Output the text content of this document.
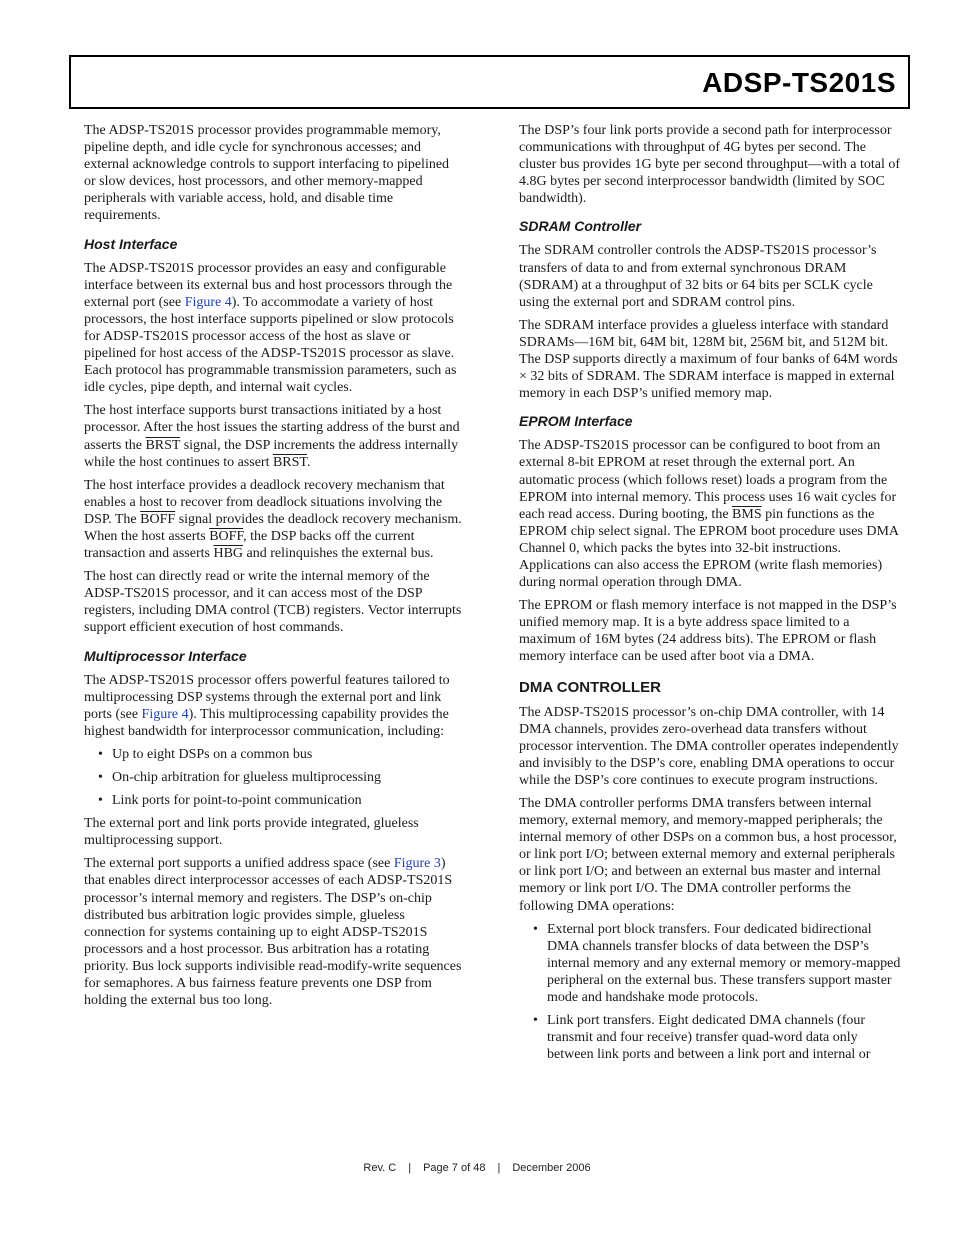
ADSP-TS201S

The ADSP-TS201S processor provides programmable memory, pipeline depth, and idle cycle for synchronous accesses; and external acknowledge controls to support interfacing to pipelined or slow devices, host processors, and other memory-mapped peripherals with variable access, hold, and disable time requirements.

Host Interface

The ADSP-TS201S processor provides an easy and configurable interface between its external bus and host processors through the external port (see Figure 4). To accommodate a variety of host processors, the host interface supports pipelined or slow protocols for ADSP-TS201S processor access of the host as slave or pipelined for host access of the ADSP-TS201S processor as slave. Each protocol has programmable transmission parameters, such as idle cycles, pipe depth, and internal wait cycles.

The host interface supports burst transactions initiated by a host processor. After the host issues the starting address of the burst and asserts the BRST signal, the DSP increments the address internally while the host continues to assert BRST.

The host interface provides a deadlock recovery mechanism that enables a host to recover from deadlock situations involving the DSP. The BOFF signal provides the deadlock recovery mechanism. When the host asserts BOFF, the DSP backs off the current transaction and asserts $\overline{HBG}$ and relinquishes the external bus.

The host can directly read or write the internal memory of the ADSP-TS201S processor, and it can access most of the DSP registers, including DMA control (TCB) registers. Vector interrupts support efficient execution of host commands.

Multiprocessor Interface

The ADSP-TS201S processor offers powerful features tailored to multiprocessing DSP systems through the external port and link ports (see Figure 4). This multiprocessing capability provides the highest bandwidth for interprocessor communication, including:

• Up to eight DSPs on a common bus
• On-chip arbitration for glueless multiprocessing
• Link ports for point-to-point communication

The external port and link ports provide integrated, glueless multiprocessing support.

The external port supports a unified address space (see Figure 3) that enables direct interprocessor accesses of each ADSP-TS201S processor’s internal memory and registers. The DSP’s on-chip distributed bus arbitration logic provides simple, glueless connection for systems containing up to eight ADSP-TS201S processors and a host processor. Bus arbitration has a rotating priority. Bus lock supports indivisible read-modify-write sequences for semaphores. A bus fairness feature prevents one DSP from holding the external bus too long.

The DSP’s four link ports provide a second path for interprocessor communications with throughput of 4G bytes per second. The cluster bus provides 1G byte per second throughput—with a total of 4.8G bytes per second interprocessor bandwidth (limited by SOC bandwidth).

SDRAM Controller

The SDRAM controller controls the ADSP-TS201S processor’s transfers of data to and from external synchronous DRAM (SDRAM) at a throughput of 32 bits or 64 bits per SCLK cycle using the external port and SDRAM control pins.

The SDRAM interface provides a glueless interface with standard SDRAMs—16M bit, 64M bit, 128M bit, 256M bit, and 512M bit. The DSP supports directly a maximum of four banks of 64M words × 32 bits of SDRAM. The SDRAM interface is mapped in external memory in each DSP’s unified memory map.

EPROM Interface

The ADSP-TS201S processor can be configured to boot from an external 8-bit EPROM at reset through the external port. An automatic process (which follows reset) loads a program from the EPROM into internal memory. This process uses 16 wait cycles for each read access. During booting, the $\overline{BMS}$ pin functions as the EPROM chip select signal. The EPROM boot procedure uses DMA Channel 0, which packs the bytes into 32-bit instructions. Applications can also access the EPROM (write flash memories) during normal operation through DMA.

The EPROM or flash memory interface is not mapped in the DSP’s unified memory map. It is a byte address space limited to a maximum of 16M bytes (24 address bits). The EPROM or flash memory interface can be used after boot via a DMA.

DMA CONTROLLER

The ADSP-TS201S processor’s on-chip DMA controller, with 14 DMA channels, provides zero-overhead data transfers without processor intervention. The DMA controller operates independently and invisibly to the DSP’s core, enabling DMA operations to occur while the DSP’s core continues to execute program instructions.

The DMA controller performs DMA transfers between internal memory, external memory, and memory-mapped peripherals; the internal memory of other DSPs on a common bus, a host processor, or link port I/O; between external memory and external peripherals or link port I/O; and between an external bus master and internal memory or link port I/O. The DMA controller performs the following DMA operations:

• External port block transfers. Four dedicated bidirectional DMA channels transfer blocks of data between the DSP’s internal memory and any external memory or memory-mapped peripheral on the external bus. These transfers support master mode and handshake mode protocols.
• Link port transfers. Eight dedicated DMA channels (four transmit and four receive) transfer quad-word data only between link ports and between a link port and internal or
Rev. C | Page 7 of 48 | December 2006
